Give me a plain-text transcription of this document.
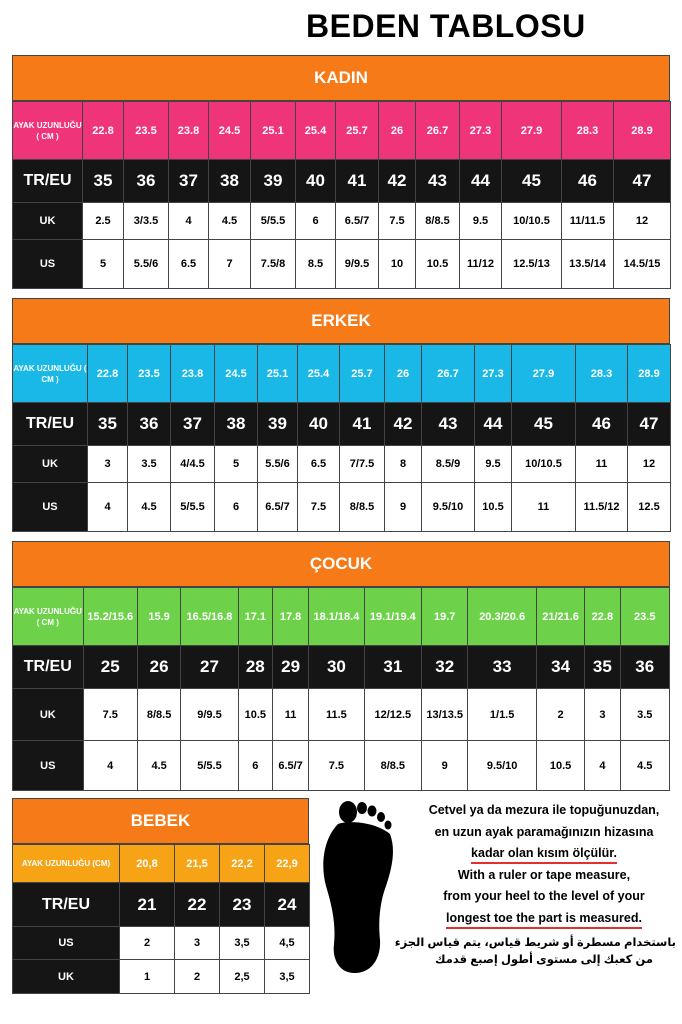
BEDEN TABLOSU
KADIN
AYAK UZUNLUĞU ( CM )	22.8	23.5	23.8	24.5	25.1	25.4	25.7	26	26.7	27.3	27.9	28.3	28.9
TR/EU	35	36	37	38	39	40	41	42	43	44	45	46	47
UK	2.5	3/3.5	4	4.5	5/5.5	6	6.5/7	7.5	8/8.5	9.5	10/10.5	11/11.5	12
US	5	5.5/6	6.5	7	7.5/8	8.5	9/9.5	10	10.5	11/12	12.5/13	13.5/14	14.5/15
ERKEK
AYAK UZUNLUĞU ( CM )	22.8	23.5	23.8	24.5	25.1	25.4	25.7	26	26.7	27.3	27.9	28.3	28.9
TR/EU	35	36	37	38	39	40	41	42	43	44	45	46	47
UK	3	3.5	4/4.5	5	5.5/6	6.5	7/7.5	8	8.5/9	9.5	10/10.5	11	12
US	4	4.5	5/5.5	6	6.5/7	7.5	8/8.5	9	9.5/10	10.5	11	11.5/12	12.5
ÇOCUK
AYAK UZUNLUĞU ( CM )	15.2/15.6	15.9	16.5/16.8	17.1	17.8	18.1/18.4	19.1/19.4	19.7	20.3/20.6	21/21.6	22.8	23.5
TR/EU	25	26	27	28	29	30	31	32	33	34	35	36
UK	7.5	8/8.5	9/9.5	10.5	11	11.5	12/12.5	13/13.5	1/1.5	2	3	3.5
US	4	4.5	5/5.5	6	6.5/7	7.5	8/8.5	9	9.5/10	10.5	4	4.5
BEBEK
AYAK UZUNLUĞU (CM)	20,8	21,5	22,2	22,9
TR/EU	21	22	23	24
US	2	3	3,5	4,5
UK	1	2	2,5	3,5
Cetvel ya da mezura ile topuğunuzdan,
en uzun ayak paramağınızın hizasına
kadar olan kısım ölçülür.
With a ruler or tape measure,
from your heel to the level of your
longest toe the part is measured.
باستخدام مسطرة أو شريط قياس، يتم قياس الجزء
من كعبك إلى مستوى أطول إصبع قدمك
